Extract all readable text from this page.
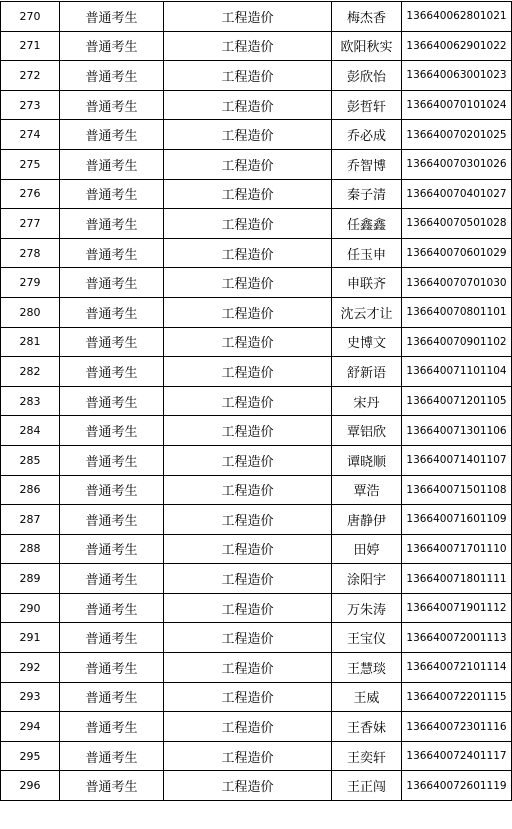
270	普通考生	工程造价	梅杰香	136640062801021
271	普通考生	工程造价	欧阳秋实	136640062901022
272	普通考生	工程造价	彭欣怡	136640063001023
273	普通考生	工程造价	彭哲轩	136640070101024
274	普通考生	工程造价	乔必成	136640070201025
275	普通考生	工程造价	乔智博	136640070301026
276	普通考生	工程造价	秦子清	136640070401027
277	普通考生	工程造价	任鑫鑫	136640070501028
278	普通考生	工程造价	任玉申	136640070601029
279	普通考生	工程造价	申联齐	136640070701030
280	普通考生	工程造价	沈云才让	136640070801101
281	普通考生	工程造价	史博文	136640070901102
282	普通考生	工程造价	舒新语	136640071101104
283	普通考生	工程造价	宋丹	136640071201105
284	普通考生	工程造价	覃铝欣	136640071301106
285	普通考生	工程造价	谭晓顺	136640071401107
286	普通考生	工程造价	覃浩	136640071501108
287	普通考生	工程造价	唐静伊	136640071601109
288	普通考生	工程造价	田婷	136640071701110
289	普通考生	工程造价	涂阳宇	136640071801111
290	普通考生	工程造价	万朱涛	136640071901112
291	普通考生	工程造价	王宝仪	136640072001113
292	普通考生	工程造价	王慧琰	136640072101114
293	普通考生	工程造价	王威	136640072201115
294	普通考生	工程造价	王香妹	136640072301116
295	普通考生	工程造价	王奕轩	136640072401117
296	普通考生	工程造价	王正闯	136640072601119
